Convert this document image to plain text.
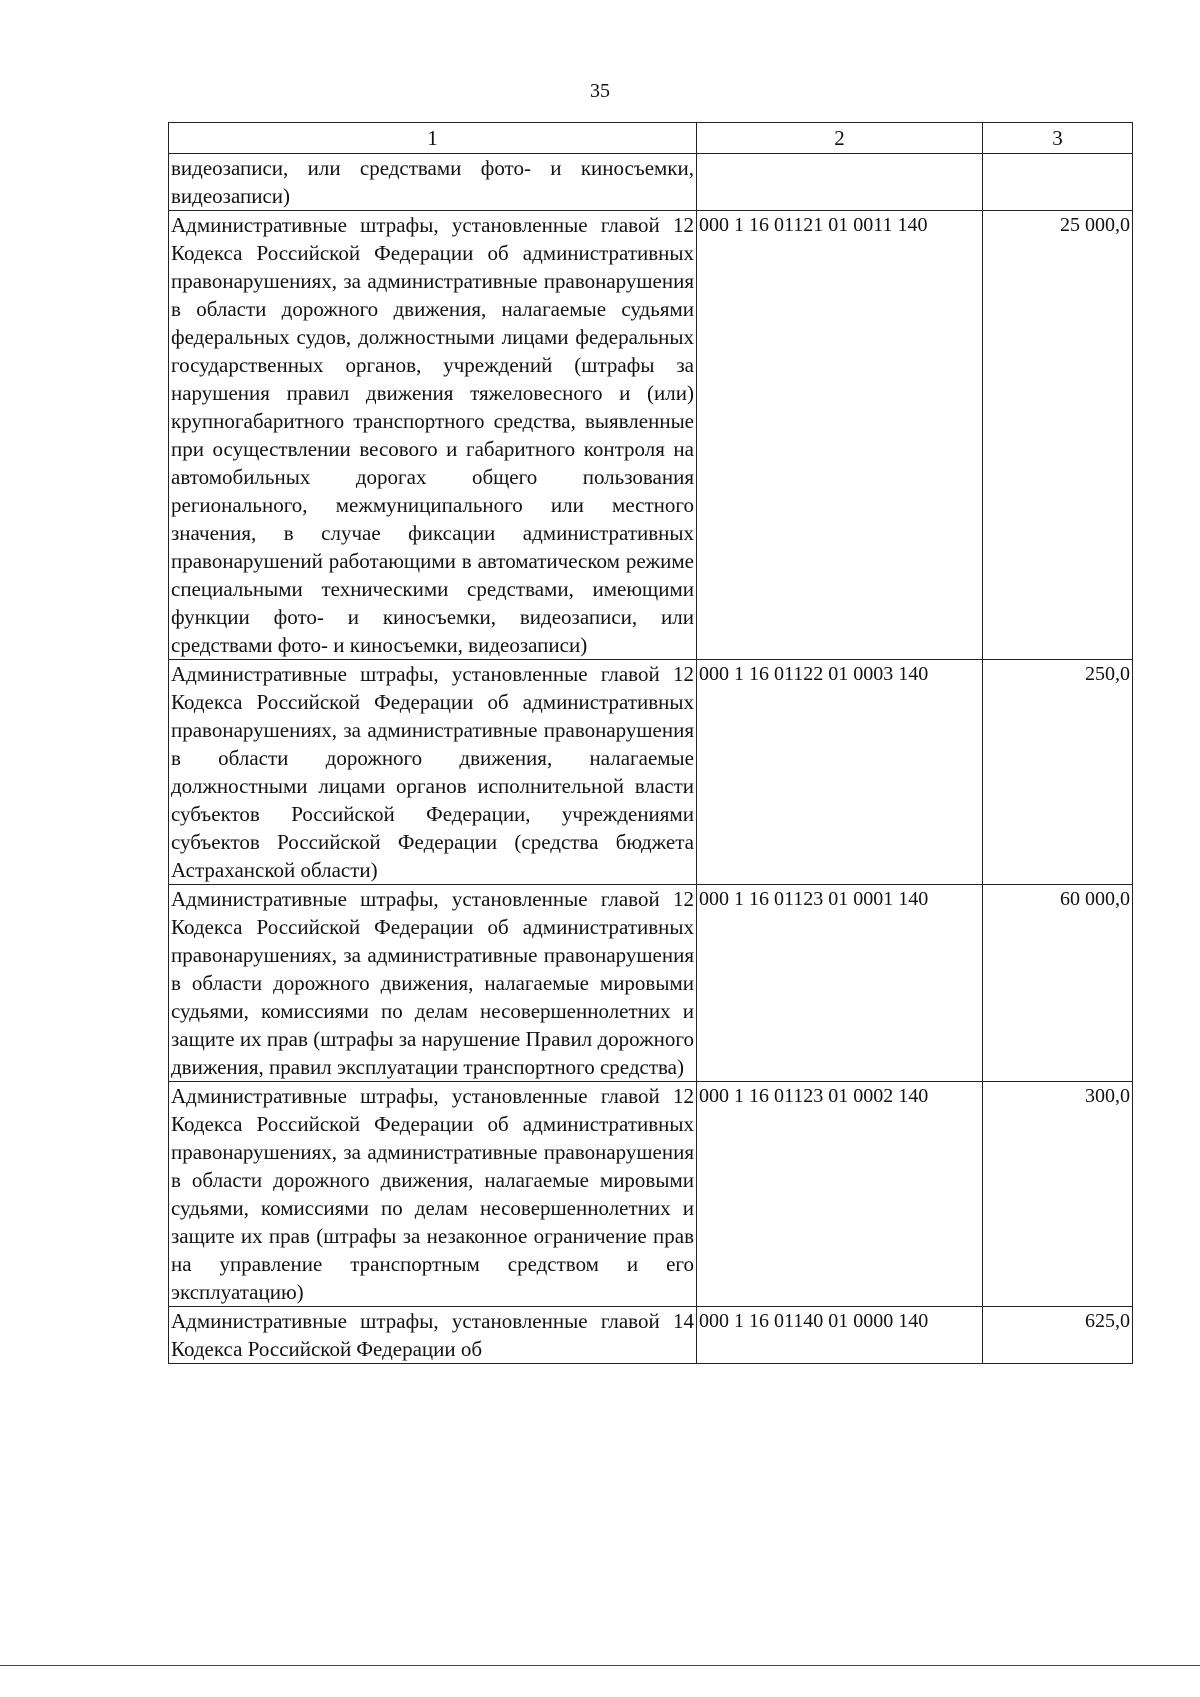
35
1	2	3
видеозаписи, или средствами фото- и киносъемки, видеозаписи)		
Административные штрафы, установленные главой 12 Кодекса Российской Федерации об административных правонарушениях, за административные правонарушения в области дорожного движения, налагаемые судьями федеральных судов, должностными лицами федеральных государственных органов, учреждений (штрафы за нарушения правил движения тяжеловесного и (или) крупногабаритного транспортного средства, выявленные при осуществлении весового и габаритного контроля на автомобильных дорогах общего пользования регионального, межмуниципального или местного значения, в случае фиксации административных правонарушений работающими в автоматическом режиме специальными техническими средствами, имеющими функции фото- и киносъемки, видеозаписи, или средствами фото- и киносъемки, видеозаписи)	000 1 16 01121 01 0011 140	25 000,0
Административные штрафы, установленные главой 12 Кодекса Российской Федерации об административных правонарушениях, за административные правонарушения в области дорожного движения, налагаемые должностными лицами органов исполнительной власти субъектов Российской Федерации, учреждениями субъектов Российской Федерации (средства бюджета Астраханской области)	000 1 16 01122 01 0003 140	250,0
Административные штрафы, установленные главой 12 Кодекса Российской Федерации об административных правонарушениях, за административные правонарушения в области дорожного движения, налагаемые мировыми судьями, комиссиями по делам несовершеннолетних и защите их прав (штрафы за нарушение Правил дорожного движения, правил эксплуатации транспортного средства)	000 1 16 01123 01 0001 140	60 000,0
Административные штрафы, установленные главой 12 Кодекса Российской Федерации об административных правонарушениях, за административные правонарушения в области дорожного движения, налагаемые мировыми судьями, комиссиями по делам несовершеннолетних и защите их прав (штрафы за незаконное ограничение прав на управление транспортным средством и его эксплуатацию)	000 1 16 01123 01 0002 140	300,0
Административные штрафы, установленные главой 14 Кодекса Российской Федерации об	000 1 16 01140 01 0000 140	625,0
